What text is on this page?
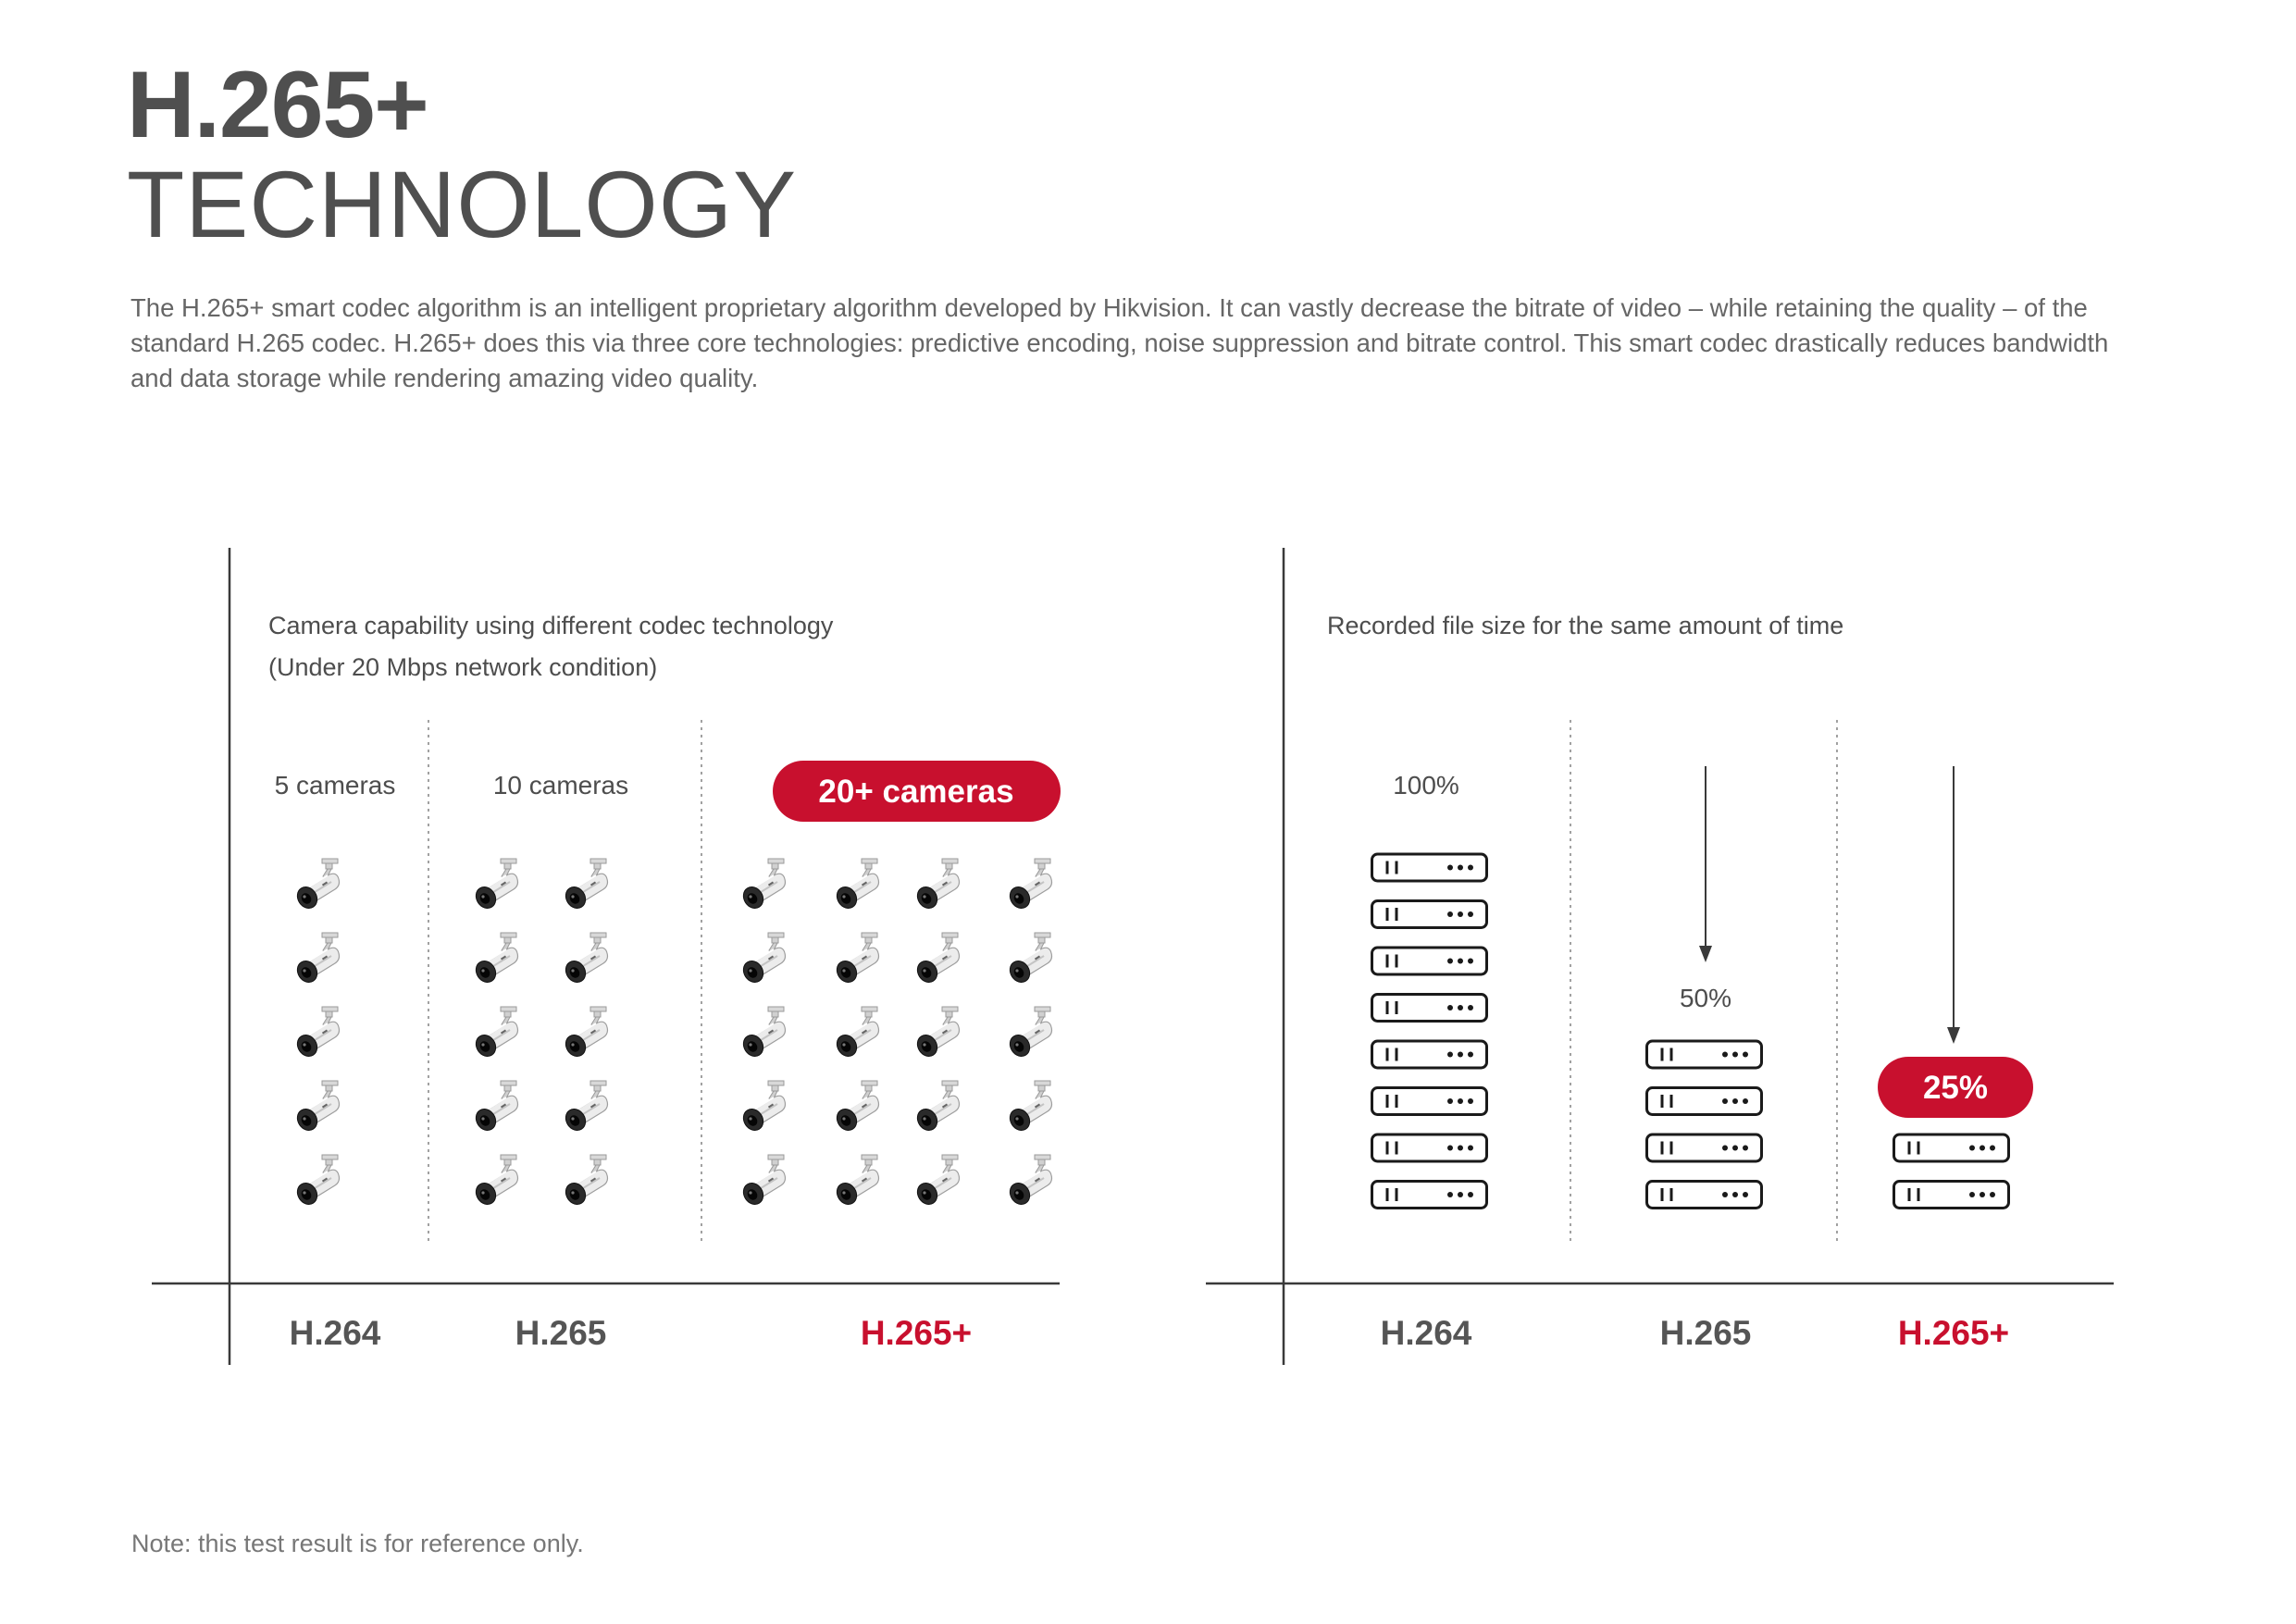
H.265+
TECHNOLOGY
The H.265+ smart codec algorithm is an intelligent proprietary algorithm developed by Hikvision. It can vastly decrease the bitrate of video – while retaining the quality – of the standard H.265 codec. H.265+ does this via three core technologies: predictive encoding, noise suppression and bitrate control. This smart codec drastically reduces bandwidth and data storage while rendering amazing video quality.
Camera capability using different codec technology
(Under 20 Mbps network condition)
5 cameras	10 cameras	20+ cameras
H.264	H.265	H.265+
Recorded file size for the same amount of time
100%
50%
25%
H.264	H.265	H.265+
Note: this test result is for reference only.
